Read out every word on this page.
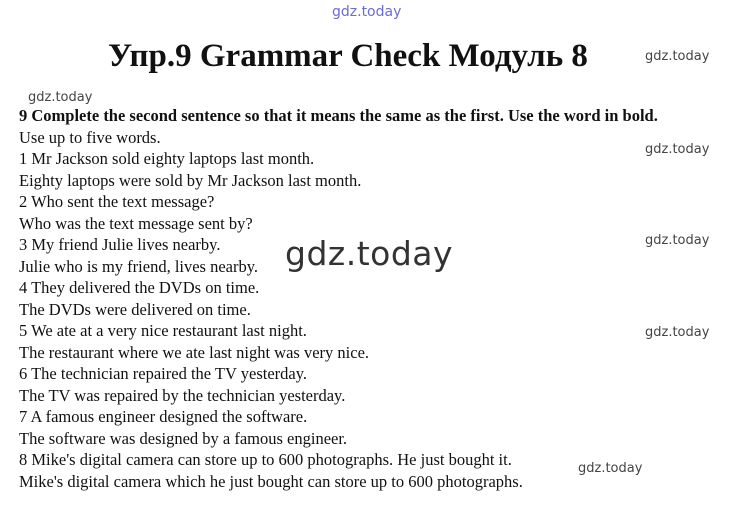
gdz.today
Упр.9 Grammar Check Модуль 8	gdz.today
gdz.today
gdz.today
gdz.today
gdz.today
gdz.today
9 Complete the second sentence so that it means the same as the first. Use the word in bold.
Use up to five words.
1 Mr Jackson sold eighty laptops last month.
Eighty laptops were sold by Mr Jackson last month.
2 Who sent the text message?
Who was the text message sent by?
3 My friend Julie lives nearby.
Julie who is my friend, lives nearby.
4 They delivered the DVDs on time.
The DVDs were delivered on time.
5 We ate at a very nice restaurant last night.
The restaurant where we ate last night was very nice.
6 The technician repaired the TV yesterday.
The TV was repaired by the technician yesterday.
7 A famous engineer designed the software.
The software was designed by a famous engineer.
8 Mike's digital camera can store up to 600 photographs. He just bought it.
Mike's digital camera which he just bought can store up to 600 photographs.
gdz.today
